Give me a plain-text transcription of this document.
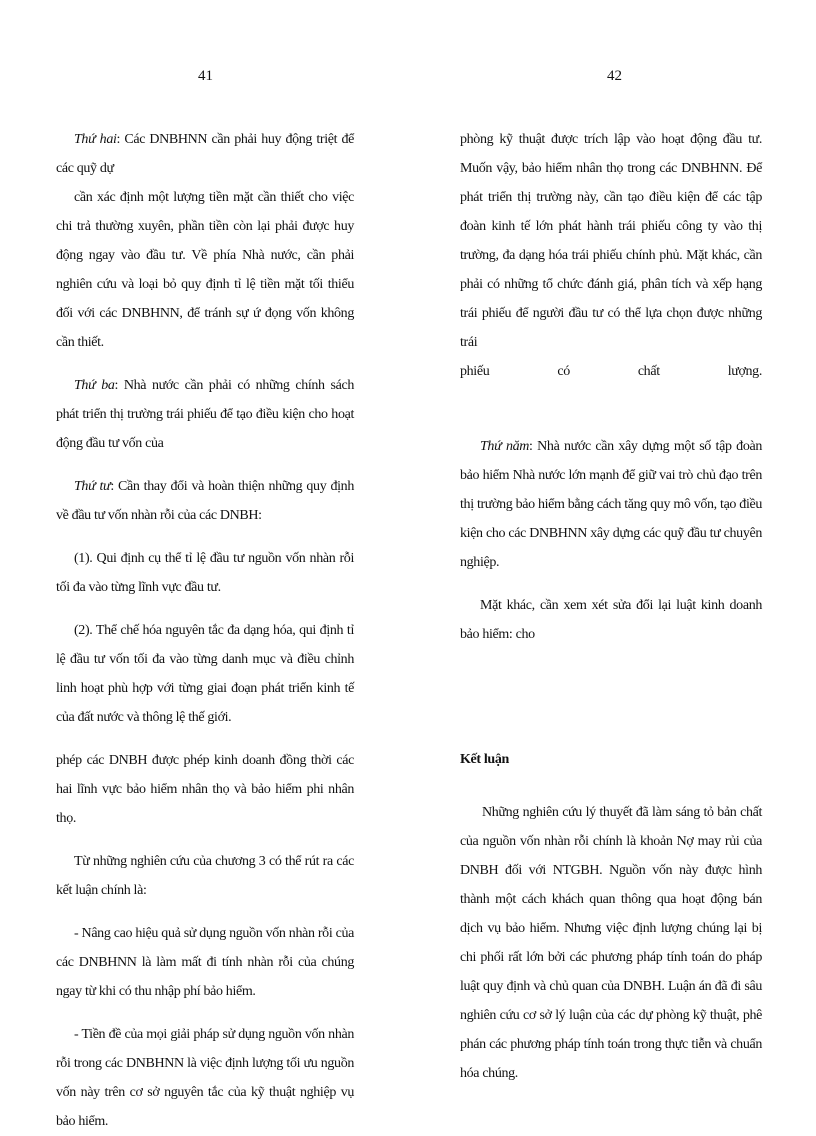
41

Thứ hai: Các DNBHNN cần phải huy động triệt để các quỹ dự

cần xác định một lượng tiền mặt cần thiết cho việc chi trả thường xuyên, phần tiền còn lại phải được huy động ngay vào đầu tư. Về phía Nhà nước, cần phải nghiên cứu và loại bỏ quy định tỉ lệ tiền mặt tối thiểu đối với các DNBHNN, để tránh sự ứ đọng vốn không cần thiết.

Thứ ba: Nhà nước cần phải có những chính sách phát triển thị trường trái phiếu để tạo điều kiện cho hoạt động đầu tư vốn của

Thứ tư: Cần thay đổi và hoàn thiện những quy định về đầu tư vốn nhàn rỗi của các DNBH:

(1). Qui định cụ thể tỉ lệ đầu tư nguồn vốn nhàn rỗi tối đa vào từng lĩnh vực đầu tư.

(2). Thể chế hóa nguyên tắc đa dạng hóa, qui định tỉ lệ đầu tư vốn tối đa vào từng danh mục và điều chỉnh linh hoạt phù hợp với từng giai đoạn phát triển kinh tế của đất nước và thông lệ thế giới.

phép các DNBH được phép kinh doanh đồng thời các hai lĩnh vực bảo hiểm nhân thọ và bảo hiểm phi nhân thọ.

Từ những nghiên cứu của chương 3 có thể rút ra các kết luận chính là:

- Nâng cao hiệu quả sử dụng nguồn vốn nhàn rỗi của các DNBHNN là làm mất đi tính nhàn rỗi của chúng ngay từ khi có thu nhập phí bảo hiểm.

- Tiền đề của mọi giải pháp sử dụng nguồn vốn nhàn rỗi trong các DNBHNN là việc định lượng tối ưu nguồn vốn này trên cơ sở nguyên tắc của kỹ thuật nghiệp vụ bảo hiểm.

42

phòng kỹ thuật được trích lập vào hoạt động đầu tư. Muốn vậy, bảo hiểm nhân thọ trong các DNBHNN. Để phát triển thị trường này, cần tạo điều kiện để các tập đoàn kinh tế lớn phát hành trái phiếu công ty vào thị trường, đa dạng hóa trái phiếu chính phủ. Mặt khác, cần phải có những tổ chức đánh giá, phân tích và xếp hạng trái phiếu để người đầu tư có thể lựa chọn được những trái

phiếu có chất lượng.

Thứ năm: Nhà nước cần xây dựng một số tập đoàn bảo hiểm Nhà nước lớn mạnh để giữ vai trò chủ đạo trên thị trường bảo hiểm bằng cách tăng quy mô vốn, tạo điều kiện cho các DNBHNN xây dựng các quỹ đầu tư chuyên nghiệp.

Mặt khác, cần xem xét sửa đổi lại luật kinh doanh bảo hiểm: cho

Kết luận

Những nghiên cứu lý thuyết đã làm sáng tỏ bản chất của nguồn vốn nhàn rỗi chính là khoản Nợ may rủi của DNBH đối với NTGBH. Nguồn vốn này được hình thành một cách khách quan thông qua hoạt động bán dịch vụ bảo hiểm. Nhưng việc định lượng chúng lại bị chi phối rất lớn bởi các phương pháp tính toán do pháp luật quy định và chủ quan của DNBH. Luận án đã đi sâu nghiên cứu cơ sở lý luận của các dự phòng kỹ thuật, phê phán các phương pháp tính toán trong thực tiễn và chuẩn hóa chúng.
